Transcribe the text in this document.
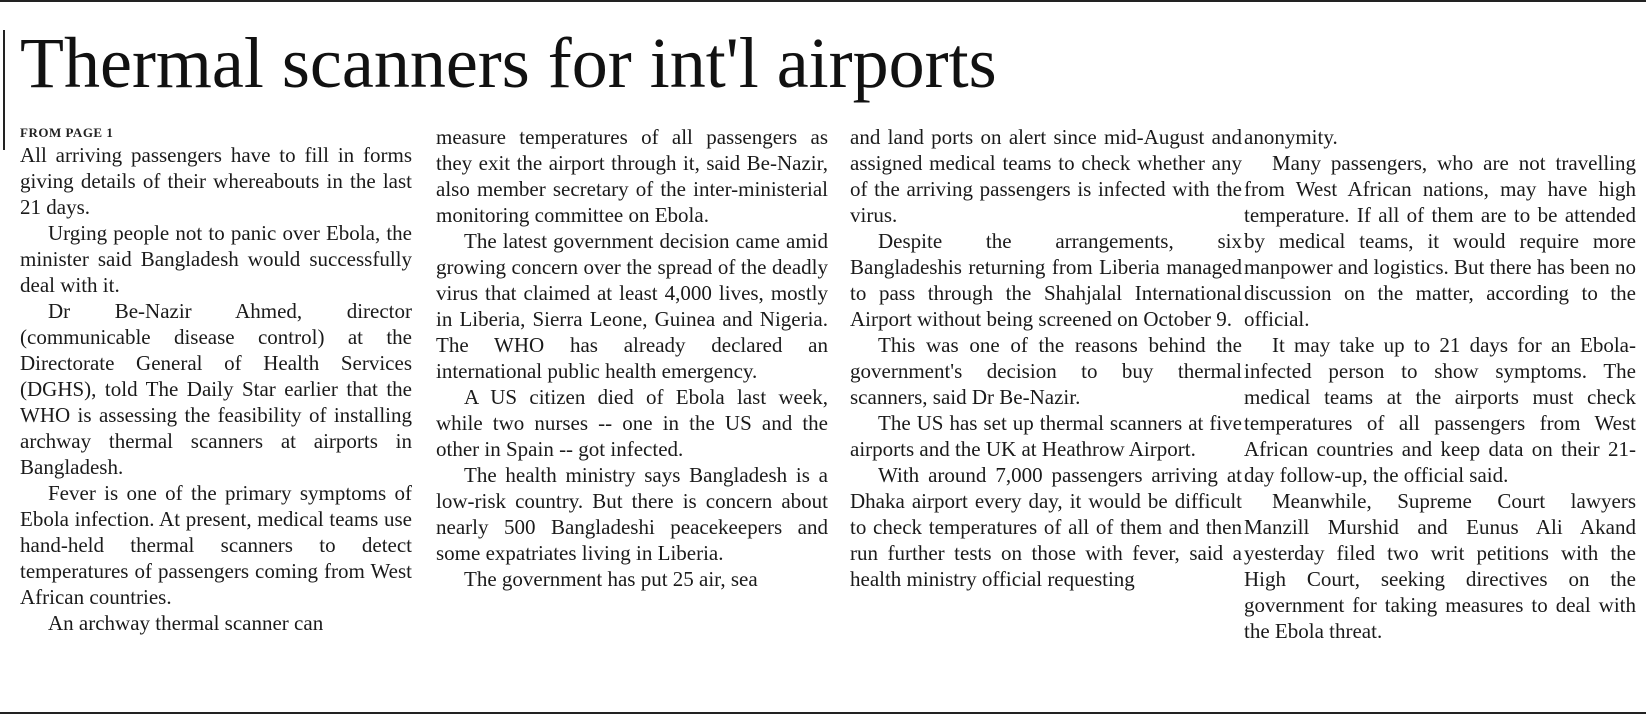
Thermal scanners for int'l airports
FROM PAGE 1

All arriving passengers have to fill in forms giving details of their whereabouts in the last 21 days.

Urging people not to panic over Ebola, the minister said Bangladesh would successfully deal with it.

Dr Be-Nazir Ahmed, director (communicable disease control) at the Directorate General of Health Services (DGHS), told The Daily Star earlier that the WHO is assessing the feasibility of installing archway thermal scanners at airports in Bangladesh.

Fever is one of the primary symptoms of Ebola infection. At present, medical teams use hand-held thermal scanners to detect temperatures of passengers coming from West African countries.

An archway thermal scanner can

measure temperatures of all passengers as they exit the airport through it, said Be-Nazir, also member secretary of the inter-ministerial monitoring committee on Ebola.

The latest government decision came amid growing concern over the spread of the deadly virus that claimed at least 4,000 lives, mostly in Liberia, Sierra Leone, Guinea and Nigeria. The WHO has already declared an international public health emergency.

A US citizen died of Ebola last week, while two nurses -- one in the US and the other in Spain -- got infected.

The health ministry says Bangladesh is a low-risk country. But there is concern about nearly 500 Bangladeshi peacekeepers and some expatriates living in Liberia.

The government has put 25 air, sea

and land ports on alert since mid-August and assigned medical teams to check whether any of the arriving passengers is infected with the virus.

Despite the arrangements, six Bangladeshis returning from Liberia managed to pass through the Shahjalal International Airport without being screened on October 9.

This was one of the reasons behind the government's decision to buy thermal scanners, said Dr Be-Nazir.

The US has set up thermal scanners at five airports and the UK at Heathrow Airport.

With around 7,000 passengers arriving at Dhaka airport every day, it would be difficult to check temperatures of all of them and then run further tests on those with fever, said a health ministry official requesting

anonymity.

Many passengers, who are not travelling from West African nations, may have high temperature. If all of them are to be attended by medical teams, it would require more manpower and logistics. But there has been no discussion on the matter, according to the official.

It may take up to 21 days for an Ebola-infected person to show symptoms. The medical teams at the airports must check temperatures of all passengers from West African countries and keep data on their 21-day follow-up, the official said.

Meanwhile, Supreme Court lawyers Manzill Murshid and Eunus Ali Akand yesterday filed two writ petitions with the High Court, seeking directives on the government for taking measures to deal with the Ebola threat.
